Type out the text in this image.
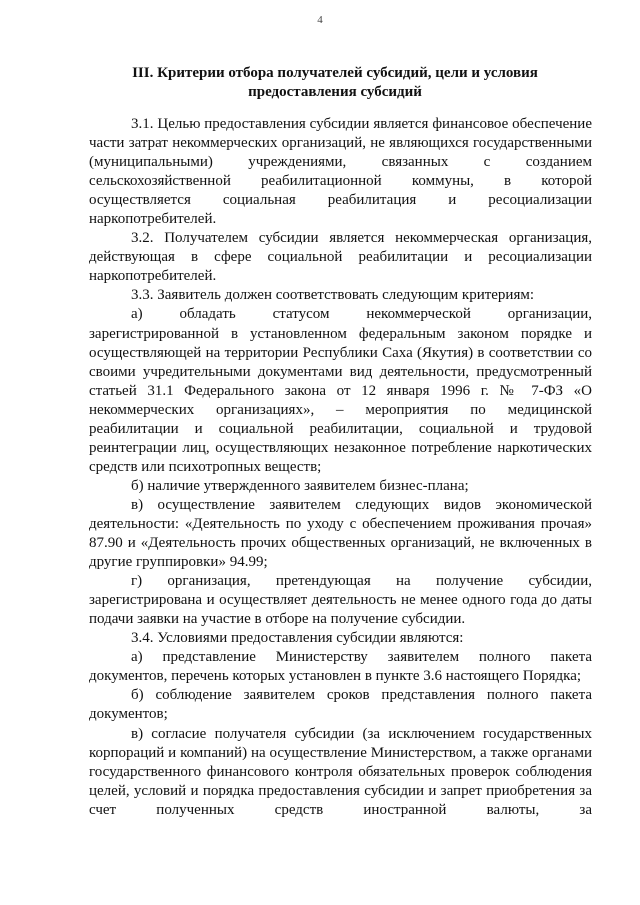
4
III. Критерии отбора получателей субсидий, цели и условия предоставления субсидий

3.1. Целью предоставления субсидии является финансовое обеспечение части затрат некоммерческих организаций, не являющихся государственными (муниципальными) учреждениями, связанных с созданием сельскохозяйственной реабилитационной коммуны, в которой осуществляется социальная реабилитация и ресоциализации наркопотребителей.

3.2. Получателем субсидии является некоммерческая организация, действующая в сфере социальной реабилитации и ресоциализации наркопотребителей.

3.3. Заявитель должен соответствовать следующим критериям:

а) обладать статусом некоммерческой организации, зарегистрированной в установленном федеральным законом порядке и осуществляющей на территории Республики Саха (Якутия) в соответствии со своими учредительными документами вид деятельности, предусмотренный статьей 31.1 Федерального закона от 12 января 1996 г. № 7-ФЗ «О некоммерческих организациях», – мероприятия по медицинской реабилитации и социальной реабилитации, социальной и трудовой реинтеграции лиц, осуществляющих незаконное потребление наркотических средств или психотропных веществ;

б) наличие утвержденного заявителем бизнес-плана;

в) осуществление заявителем следующих видов экономической деятельности: «Деятельность по уходу с обеспечением проживания прочая» 87.90 и «Деятельность прочих общественных организаций, не включенных в другие группировки» 94.99;

г) организация, претендующая на получение субсидии, зарегистрирована и осуществляет деятельность не менее одного года до даты подачи заявки на участие в отборе на получение субсидии.

3.4. Условиями предоставления субсидии являются:

а) представление Министерству заявителем полного пакета документов, перечень которых установлен в пункте 3.6 настоящего Порядка;

б) соблюдение заявителем сроков представления полного пакета документов;

в) согласие получателя субсидии (за исключением государственных корпораций и компаний) на осуществление Министерством, а также органами государственного финансового контроля обязательных проверок соблюдения целей, условий и порядка предоставления субсидии и запрет приобретения за счет полученных средств иностранной валюты, за
